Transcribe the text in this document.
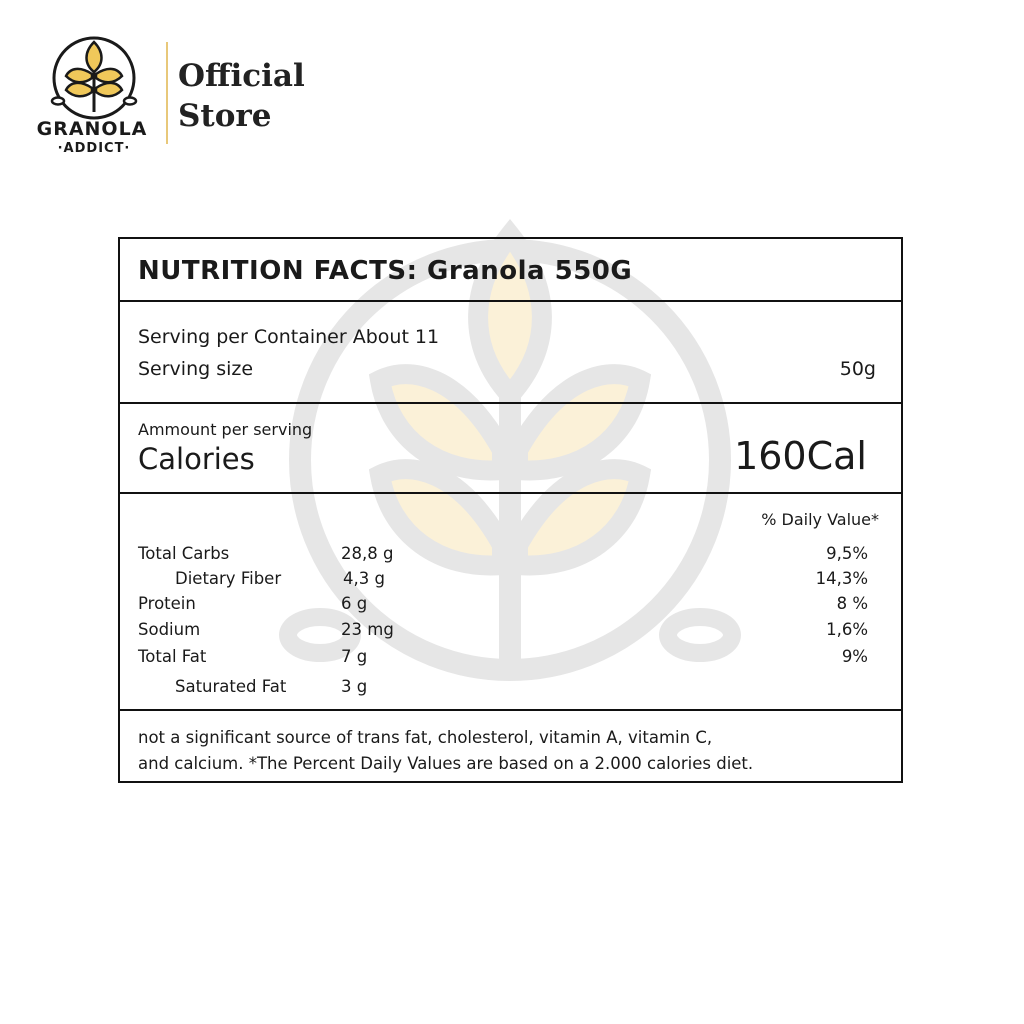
GRANOLA
·ADDICT·
Official
Store
NUTRITION FACTS: Granola 550G
Serving per Container About 11
Serving size	50g
Ammount per serving
Calories	160Cal
% Daily Value*
Total Carbs	28,8 g	9,5%
Dietary Fiber	4,3 g	14,3%
Protein	6 g	8 %
Sodium	23 mg	1,6%
Total Fat	7 g	9%
Saturated Fat	3 g
not a significant source of trans fat, cholesterol, vitamin A, vitamin C,
and calcium. *The Percent Daily Values are based on a 2.000 calories diet.
